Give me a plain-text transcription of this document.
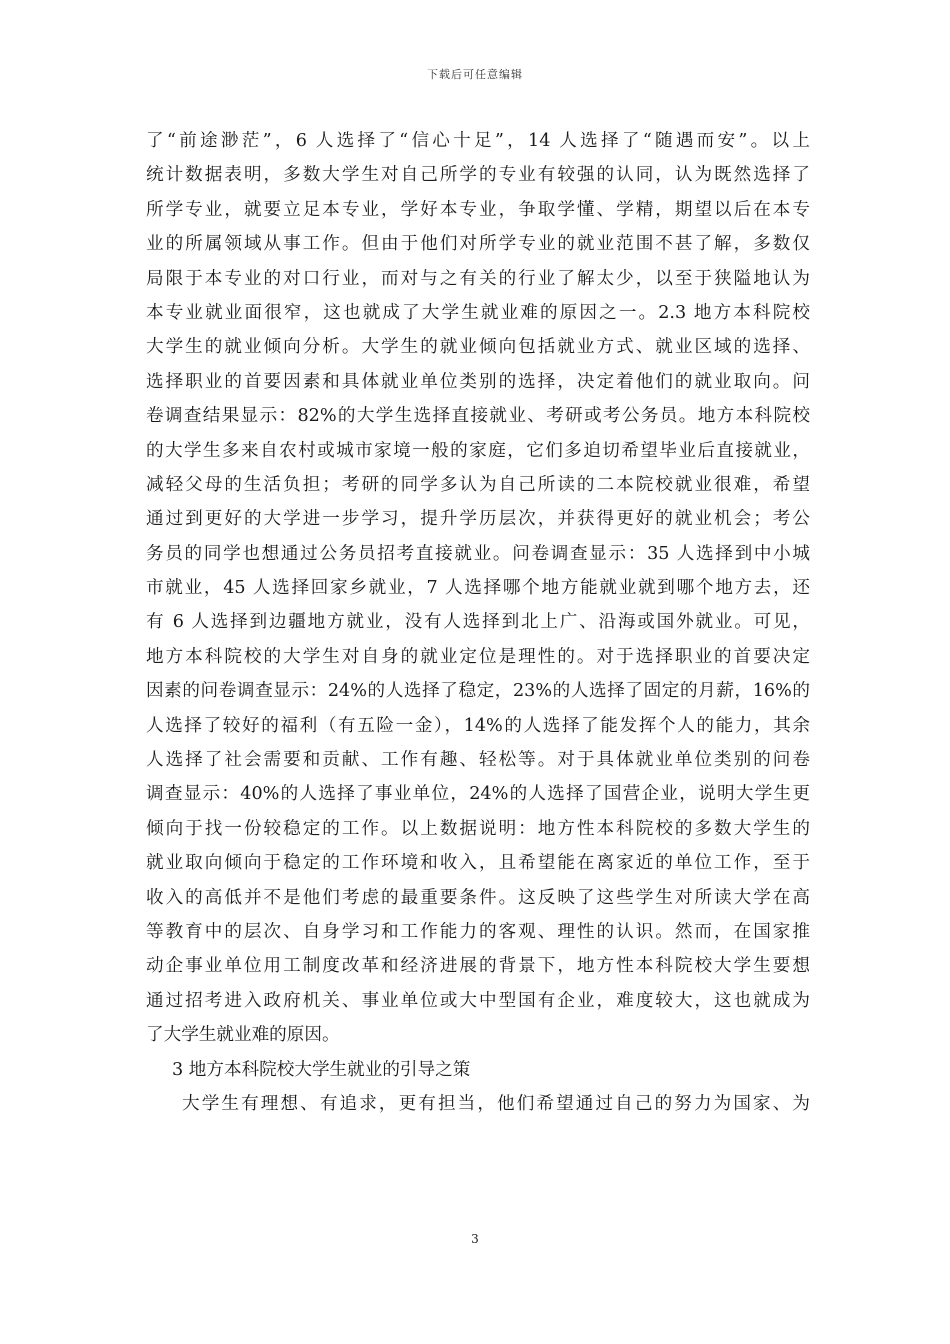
下载后可任意编辑
了“前途渺茫”，6 人选择了“信心十足”，14 人选择了“随遇而安”。以上
统计数据表明，多数大学生对自己所学的专业有较强的认同，认为既然选择了
所学专业，就要立足本专业，学好本专业，争取学懂、学精，期望以后在本专
业的所属领域从事工作。但由于他们对所学专业的就业范围不甚了解，多数仅
局限于本专业的对口行业，而对与之有关的行业了解太少，以至于狭隘地认为
本专业就业面很窄，这也就成了大学生就业难的原因之一。2.3 地方本科院校
大学生的就业倾向分析。大学生的就业倾向包括就业方式、就业区域的选择、
选择职业的首要因素和具体就业单位类别的选择，决定着他们的就业取向。问
卷调查结果显示：82%的大学生选择直接就业、考研或考公务员。地方本科院校
的大学生多来自农村或城市家境一般的家庭，它们多迫切希望毕业后直接就业，
减轻父母的生活负担；考研的同学多认为自己所读的二本院校就业很难，希望
通过到更好的大学进一步学习，提升学历层次，并获得更好的就业机会；考公
务员的同学也想通过公务员招考直接就业。问卷调查显示：35 人选择到中小城
市就业，45 人选择回家乡就业，7 人选择哪个地方能就业就到哪个地方去，还
有 6 人选择到边疆地方就业，没有人选择到北上广、沿海或国外就业。可见，
地方本科院校的大学生对自身的就业定位是理性的。对于选择职业的首要决定
因素的问卷调查显示：24%的人选择了稳定，23%的人选择了固定的月薪，16%的
人选择了较好的福利（有五险一金），14%的人选择了能发挥个人的能力，其余
人选择了社会需要和贡献、工作有趣、轻松等。对于具体就业单位类别的问卷
调查显示：40%的人选择了事业单位，24%的人选择了国营企业，说明大学生更
倾向于找一份较稳定的工作。以上数据说明：地方性本科院校的多数大学生的
就业取向倾向于稳定的工作环境和收入，且希望能在离家近的单位工作，至于
收入的高低并不是他们考虑的最重要条件。这反映了这些学生对所读大学在高
等教育中的层次、自身学习和工作能力的客观、理性的认识。然而，在国家推
动企事业单位用工制度改革和经济进展的背景下，地方性本科院校大学生要想
通过招考进入政府机关、事业单位或大中型国有企业，难度较大，这也就成为
了大学生就业难的原因。
3 地方本科院校大学生就业的引导之策
大学生有理想、有追求，更有担当，他们希望通过自己的努力为国家、为
3
